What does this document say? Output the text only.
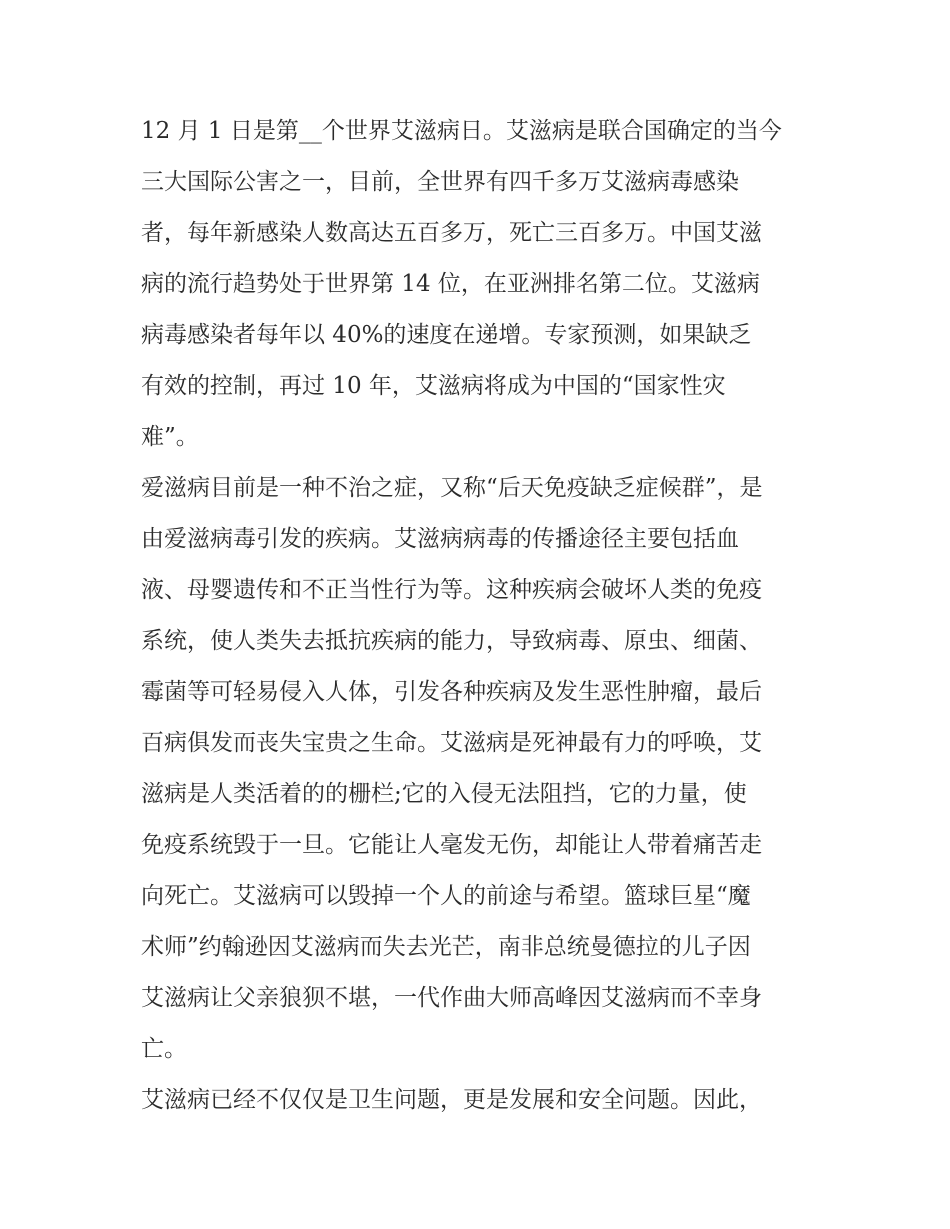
12 月 1 日是第__个世界艾滋病日。艾滋病是联合国确定的当今
三大国际公害之一，目前，全世界有四千多万艾滋病毒感染
者，每年新感染人数高达五百多万，死亡三百多万。中国艾滋
病的流行趋势处于世界第 14 位，在亚洲排名第二位。艾滋病
病毒感染者每年以 40%的速度在递增。专家预测，如果缺乏
有效的控制，再过 10 年，艾滋病将成为中国的“国家性灾
难”。
爱滋病目前是一种不治之症，又称“后天免疫缺乏症候群”，是
由爱滋病毒引发的疾病。艾滋病病毒的传播途径主要包括血
液、母婴遗传和不正当性行为等。这种疾病会破坏人类的免疫
系统，使人类失去抵抗疾病的能力，导致病毒、原虫、细菌、
霉菌等可轻易侵入人体，引发各种疾病及发生恶性肿瘤，最后
百病俱发而丧失宝贵之生命。艾滋病是死神最有力的呼唤，艾
滋病是人类活着的的栅栏;它的入侵无法阻挡，它的力量，使
免疫系统毁于一旦。它能让人毫发无伤，却能让人带着痛苦走
向死亡。艾滋病可以毁掉一个人的前途与希望。篮球巨星“魔
术师”约翰逊因艾滋病而失去光芒，南非总统曼德拉的儿子因
艾滋病让父亲狼狈不堪，一代作曲大师高峰因艾滋病而不幸身
亡。
艾滋病已经不仅仅是卫生问题，更是发展和安全问题。因此，
